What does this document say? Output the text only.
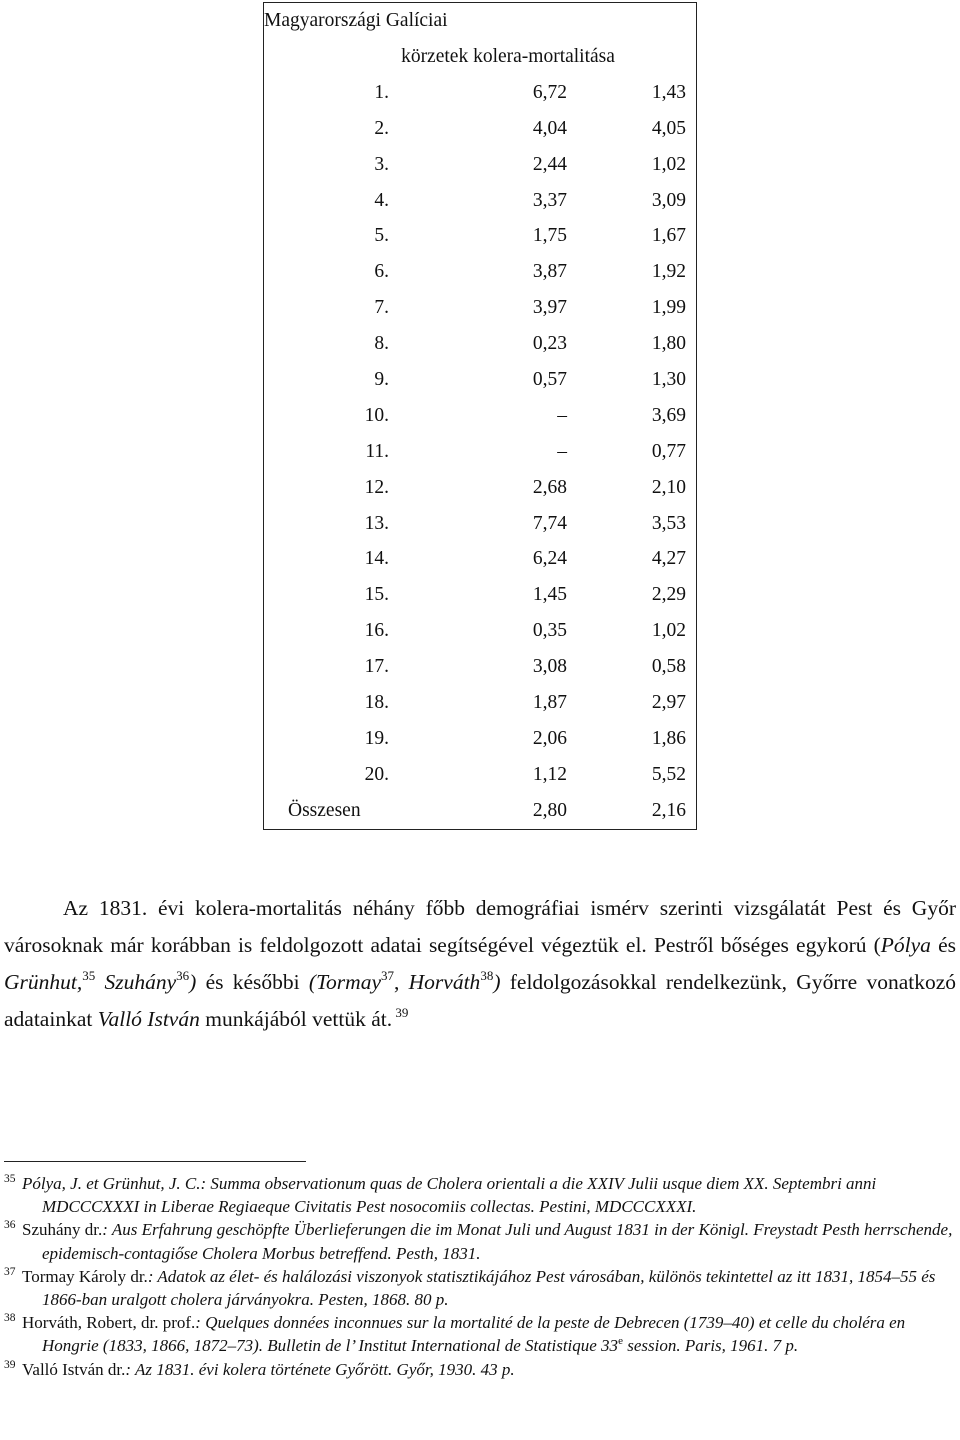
Magyarországi Galíciai		
körzetek kolera-mortalitása		
1.	6,72	1,43
2.	4,04	4,05
3.	2,44	1,02
4.	3,37	3,09
5.	1,75	1,67
6.	3,87	1,92
7.	3,97	1,99
8.	0,23	1,80
9.	0,57	1,30
10.	–	3,69
11.	–	0,77
12.	2,68	2,10
13.	7,74	3,53
14.	6,24	4,27
15.	1,45	2,29
16.	0,35	1,02
17.	3,08	0,58
18.	1,87	2,97
19.	2,06	1,86
20.	1,12	5,52
Összesen	2,80	2,16
Az 1831. évi kolera-mortalitás néhány főbb demográfiai ismérv szerinti vizsgálatát Pest és Győr városoknak már korábban is feldolgozott adatai segítségével végeztük el. Pestről bőséges egykorú (Pólya és Grünhut,$^{35}$ Szuhány$^{36}$) és későbbi (Tormay$^{37}$, Horváth$^{38}$) feldolgozásokkal rendelkezünk, Győrre vonatkozó adatainkat Valló István munkájából vettük át. $^{39}$

35 Pólya, J. et Grünhut, J. C.: Summa observationum quas de Cholera orientali a die XXIV Julii usque diem XX. Septembri anni MDCCCXXXI in Liberae Regiaeque Civitatis Pest nosocomiis collectas. Pestini, MDCCCXXXI.

36 Szuhány dr.: Aus Erfahrung geschöpfte Überlieferungen die im Monat Juli und August 1831 in der Königl. Freystadt Pesth herrschende, epidemisch-contagiőse Cholera Morbus betreffend. Pesth, 1831.

37 Tormay Károly dr.: Adatok az élet- és halálozási viszonyok statisztikájához Pest városában, különös tekintettel az itt 1831, 1854–55 és 1866-ban uralgott cholera járványokra. Pesten, 1868. 80 p.

38 Horváth, Robert, dr. prof.: Quelques données inconnues sur la mortalité de la peste de Debrecen (1739–40) et celle du choléra en Hongrie (1833, 1866, 1872–73). Bulletin de l’ Institut International de Statistique 33e session. Paris, 1961. 7 p.

39 Valló István dr.: Az 1831. évi kolera története Győrött. Győr, 1930. 43 p.
